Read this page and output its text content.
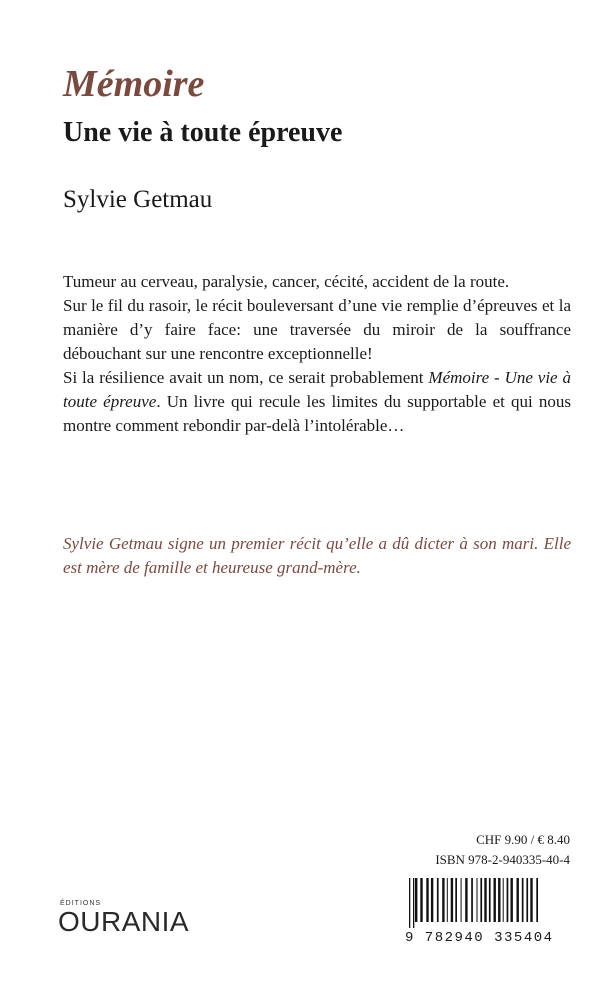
Mémoire
Une vie à toute épreuve

Sylvie Getmau

Tumeur au cerveau, paralysie, cancer, cécité, accident de la route.

Sur le fil du rasoir, le récit bouleversant d’une vie remplie d’épreuves et la manière d’y faire face: une traversée du miroir de la souffrance débouchant sur une rencontre exceptionnelle!

Si la résilience avait un nom, ce serait probablement Mémoire - Une vie à toute épreuve. Un livre qui recule les limites du supportable et qui nous montre comment rebondir par-delà l’intolérable…

Sylvie Getmau signe un premier récit qu’elle a dû dicter à son mari. Elle est mère de famille et heureuse grand-mère.

ÉDITIONS

OURANIA

CHF 9.90 / € 8.40

ISBN 978-2-940335-40-4

9 782940 335404
